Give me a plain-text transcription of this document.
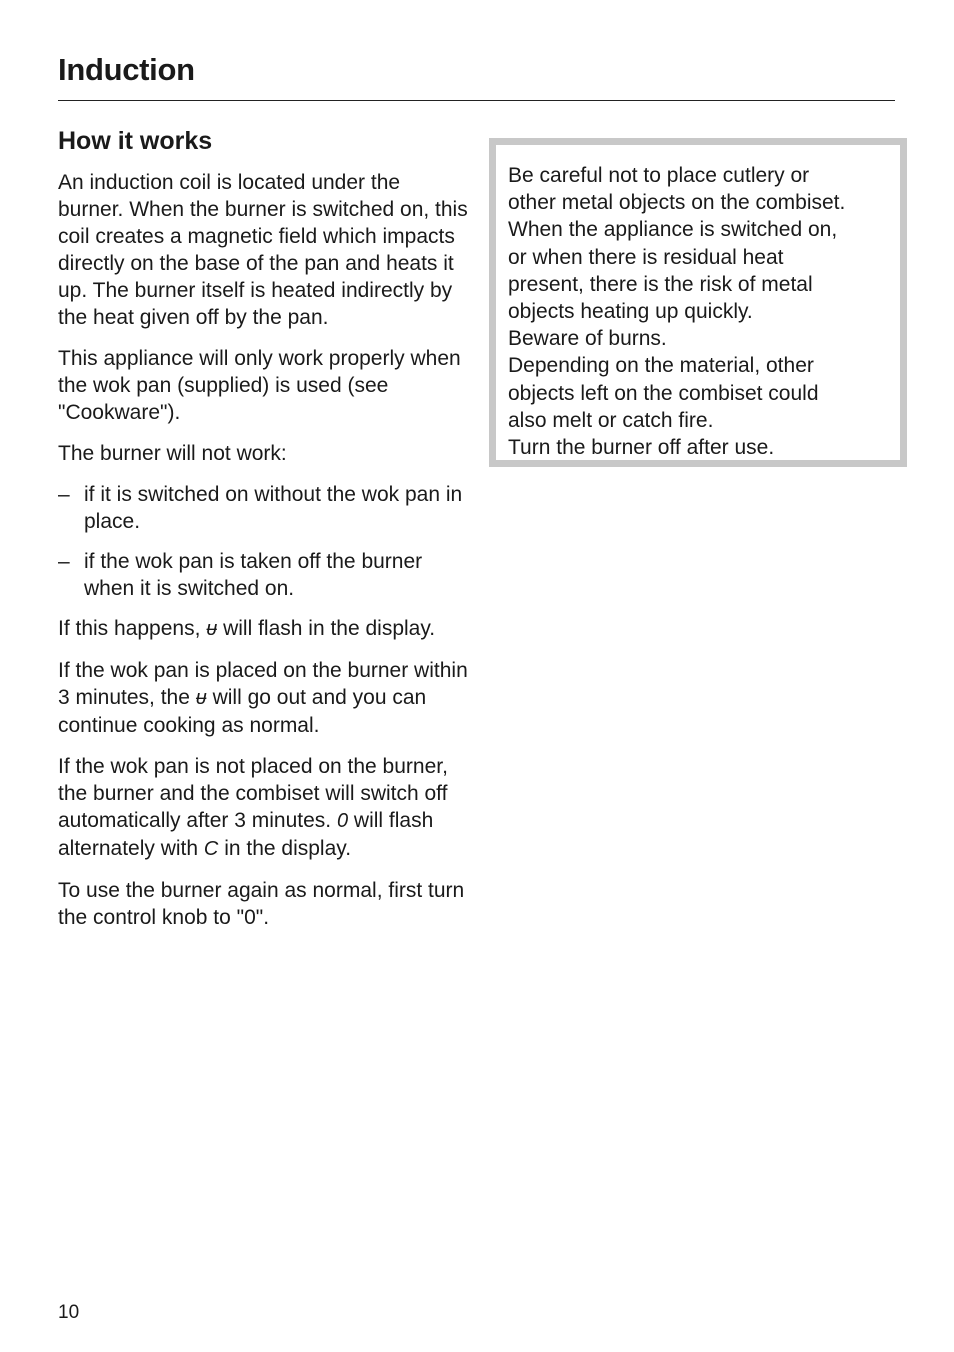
Induction
How it works

An induction coil is located under the burner. When the burner is switched on, this coil creates a magnetic field which impacts directly on the base of the pan and heats it up. The burner itself is heated indirectly by the heat given off by the pan.

This appliance will only work properly when the wok pan (supplied) is used (see "Cookware").

The burner will not work:

– if it is switched on without the wok pan in place.
– if the wok pan is taken off the burner when it is switched on.

If this happens, ᵾ will flash in the display.

If the wok pan is placed on the burner within 3 minutes, the ᵾ will go out and you can continue cooking as normal.

If the wok pan is not placed on the burner, the burner and the combiset will switch off automatically after 3 minutes. 0 will flash alternately with C in the display.

To use the burner again as normal, first turn the control knob to "0".

Be careful not to place cutlery or

other metal objects on the combiset.

When the appliance is switched on,

or when there is residual heat

present, there is the risk of metal

objects heating up quickly.

Beware of burns.

Depending on the material, other

objects left on the combiset could

also melt or catch fire.

Turn the burner off after use.

10
